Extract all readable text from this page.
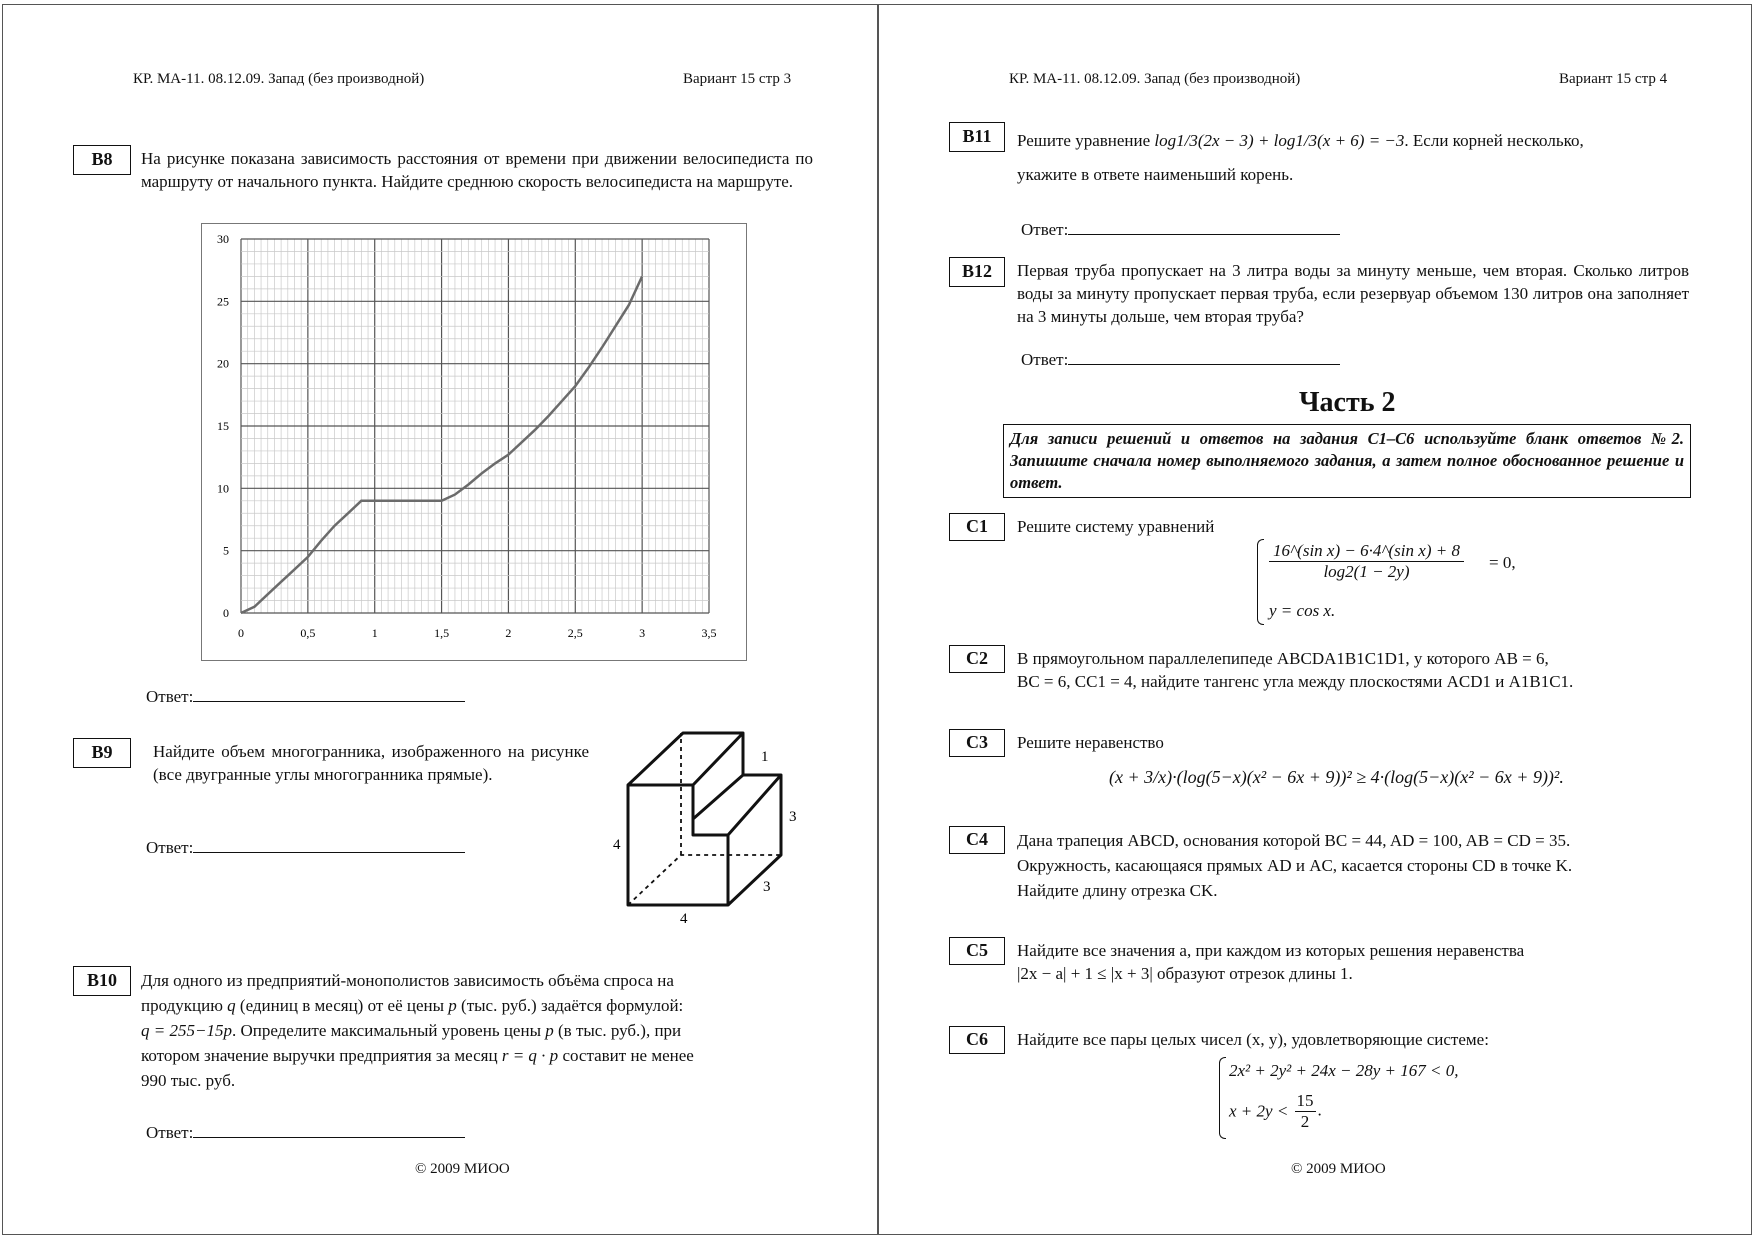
КР. МА-11. 08.12.09. Запад (без производной)	Вариант 15 стр 3
B8	На рисунке показана зависимость расстояния от времени при движении велосипедиста по маршруту от начального пункта. Найдите среднюю скорость велосипедиста на маршруте.
0	0,5	1	1,5	2	2,5	3	3,5
0
5
10
15
20
25
30
Ответ:
B9	Найдите объем многогранника, изображенного на рисунке (все двугранные углы многогранника прямые).
Ответ:
1
3
4
3
4
B10	Для одного из предприятий-монополистов зависимость объёма спроса на
продукцию q (единиц в месяц) от её цены p (тыс. руб.) задаётся формулой:
q = 255−15p. Определите максимальный уровень цены p (в тыс. руб.), при
котором значение выручки предприятия за месяц r = q · p составит не менее
990 тыс. руб.
Ответ:
© 2009 МИОО
КР. МА-11. 08.12.09. Запад (без производной)	Вариант 15 стр 4
B11	Решите уравнение log1/3(2x − 3) + log1/3(x + 6) = −3. Если корней несколько,
укажите в ответе наименьший корень.
Ответ:
B12	Первая труба пропускает на 3 литра воды за минуту меньше, чем вторая. Сколько литров воды за минуту пропускает первая труба, если резервуар объемом 130 литров она заполняет на 3 минуты дольше, чем вторая труба?
Ответ:
Часть 2
Для записи решений и ответов на задания C1–C6 используйте бланк ответов №2. Запишите сначала номер выполняемого задания, а затем полное обоснованное решение и ответ.
C1	Решите систему уравнений
$\frac{\text{16\textasciicircum{}(sin x) − 6·4\textasciicircum{}(sin x) + 8}}{\log 2(1 - 2y)} = 0$,
y = cos x.
C2	В прямоугольном параллелепипеде ABCDA1B1C1D1, у которого AB = 6,
BC = 6, CC1 = 4, найдите тангенс угла между плоскостями ACD1 и A1B1C1.
C3	Решите неравенство
(x + 3/x)·(log(5−x)(x² − 6x + 9))² ≥ 4·(log(5−x)(x² − 6x + 9))².
C4	Дана трапеция ABCD, основания которой BC = 44, AD = 100, AB = CD = 35.
Окружность, касающаяся прямых AD и AC, касается стороны CD в точке K.
Найдите длину отрезка CK.
C5	Найдите все значения a, при каждом из которых решения неравенства
|2x − a| + 1 ≤ |x + 3| образуют отрезок длины 1.
C6	Найдите все пары целых чисел (x, y), удовлетворяющие системе:
2x² + 2y² + 24x − 28y + 167 < 0,
$x + 2y < \frac{15}{2}$ .
© 2009 МИОО
